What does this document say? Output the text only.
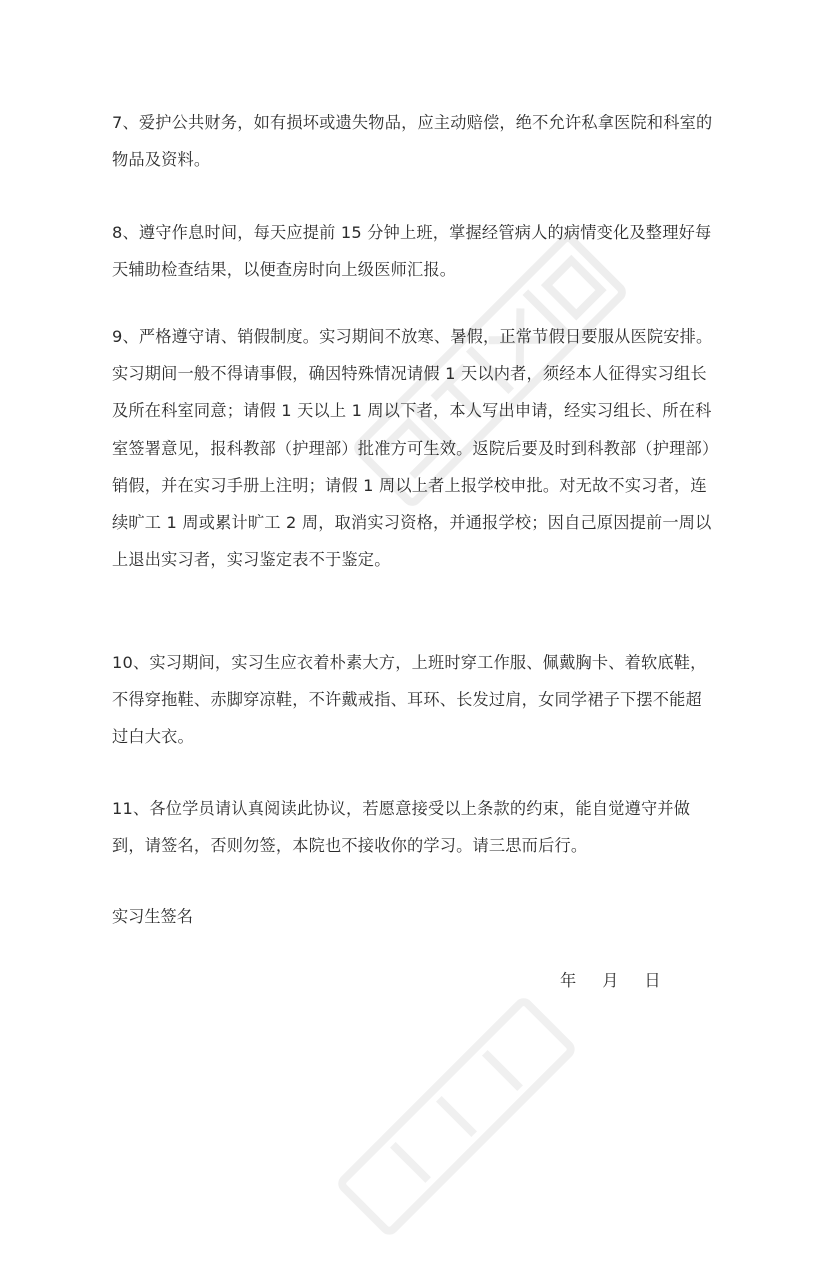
7、爱护公共财务，如有损坏或遗失物品，应主动赔偿，绝不允许私拿医院和科室的物品及资料。
8、遵守作息时间，每天应提前 15 分钟上班，掌握经管病人的病情变化及整理好每天辅助检查结果，以便查房时向上级医师汇报。
9、严格遵守请、销假制度。实习期间不放寒、暑假，正常节假日要服从医院安排。实习期间一般不得请事假，确因特殊情况请假 1 天以内者，须经本人征得实习组长及所在科室同意；请假 1 天以上 1 周以下者，本人写出申请，经实习组长、所在科室签署意见，报科教部（护理部）批准方可生效。返院后要及时到科教部（护理部）销假，并在实习手册上注明；请假 1 周以上者上报学校申批。对无故不实习者，连续旷工 1 周或累计旷工 2 周，取消实习资格，并通报学校；因自己原因提前一周以上退出实习者，实习鉴定表不于鉴定。
10、实习期间，实习生应衣着朴素大方，上班时穿工作服、佩戴胸卡、着软底鞋，不得穿拖鞋、赤脚穿凉鞋，不许戴戒指、耳环、长发过肩，女同学裙子下摆不能超过白大衣。
11、各位学员请认真阅读此协议，若愿意接受以上条款的约束，能自觉遵守并做到，请签名，否则勿签，本院也不接收你的学习。请三思而后行。
实习生签名
年 月 日
